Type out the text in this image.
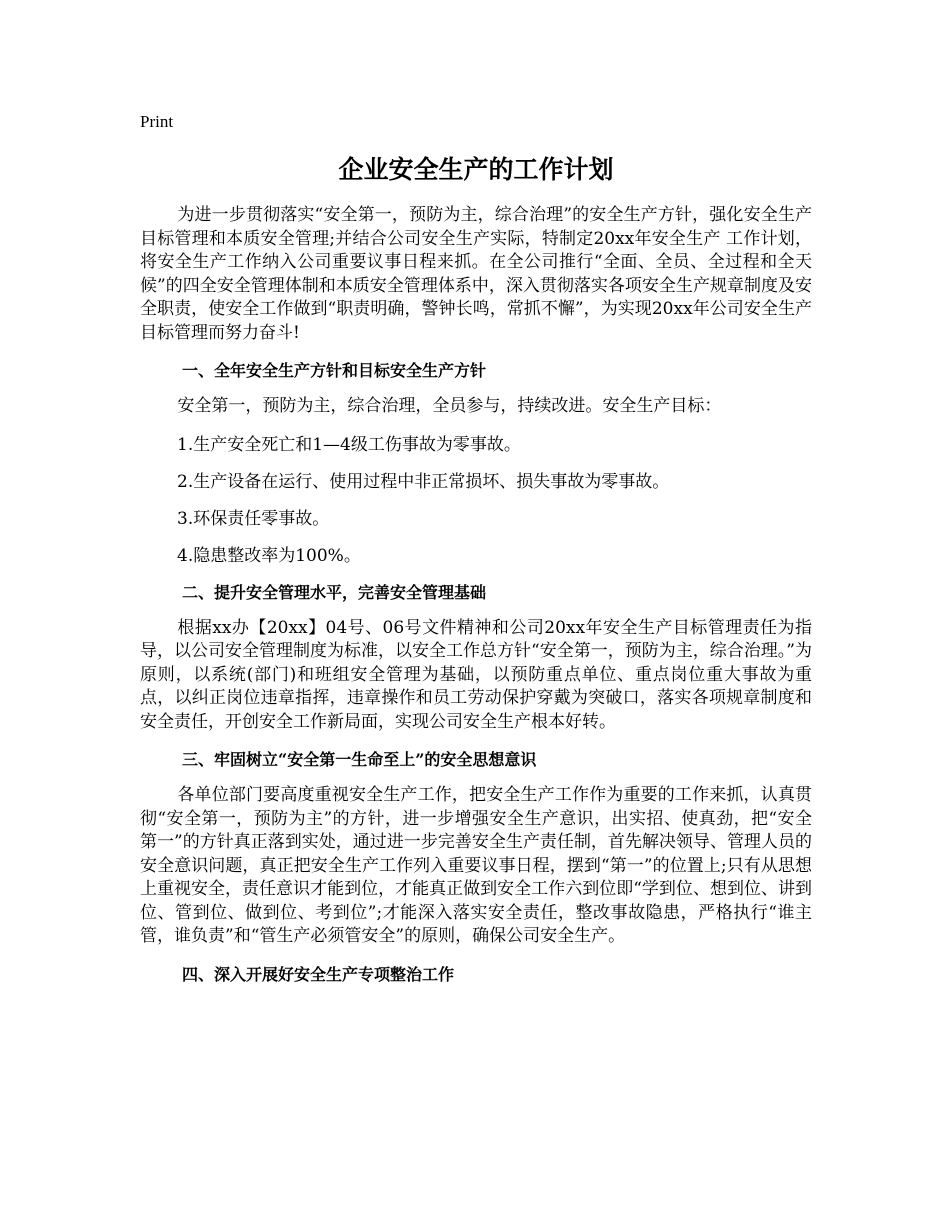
Print
企业安全生产的工作计划

为进一步贯彻落实“安全第一，预防为主，综合治理”的安全生产方针，强化安全生产目标管理和本质安全管理;并结合公司安全生产实际，特制定20xx年安全生产 工作计划，将安全生产工作纳入公司重要议事日程来抓。在全公司推行“全面、全员、全过程和全天候”的四全安全管理体制和本质安全管理体系中，深入贯彻落实各项安全生产规章制度及安全职责，使安全工作做到“职责明确，警钟长鸣，常抓不懈”，为实现20xx年公司安全生产目标管理而努力奋斗!

一、全年安全生产方针和目标安全生产方针

安全第一，预防为主，综合治理，全员参与，持续改进。安全生产目标：

1.生产安全死亡和1—4级工伤事故为零事故。
2.生产设备在运行、使用过程中非正常损坏、损失事故为零事故。
3.环保责任零事故。
4.隐患整改率为100%。
二、提升安全管理水平，完善安全管理基础

根据xx办【20xx】04号、06号文件精神和公司20xx年安全生产目标管理责任为指导，以公司安全管理制度为标准，以安全工作总方针“安全第一，预防为主，综合治理。”为原则，以系统(部门)和班组安全管理为基础，以预防重点单位、重点岗位重大事故为重点，以纠正岗位违章指挥，违章操作和员工劳动保护穿戴为突破口，落实各项规章制度和安全责任，开创安全工作新局面，实现公司安全生产根本好转。

三、牢固树立“安全第一生命至上”的安全思想意识

各单位部门要高度重视安全生产工作，把安全生产工作作为重要的工作来抓，认真贯彻“安全第一，预防为主”的方针，进一步增强安全生产意识，出实招、使真劲，把“安全第一”的方针真正落到实处，通过进一步完善安全生产责任制，首先解决领导、管理人员的安全意识问题，真正把安全生产工作列入重要议事日程，摆到“第一”的位置上;只有从思想上重视安全，责任意识才能到位，才能真正做到安全工作六到位即“学到位、想到位、讲到位、管到位、做到位、考到位”;才能深入落实安全责任，整改事故隐患，严格执行“谁主管，谁负责”和“管生产必须管安全”的原则，确保公司安全生产。

四、深入开展好安全生产专项整治工作
